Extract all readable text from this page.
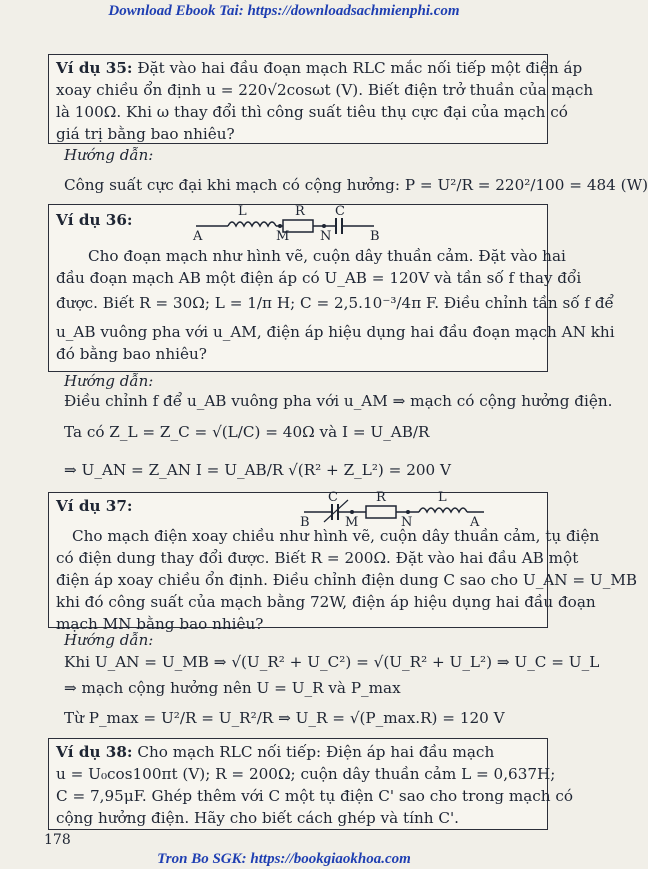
Download Ebook Tai: https://downloadsachmienphi.com
Ví dụ 35: Đặt vào hai đầu đoạn mạch RLC mắc nối tiếp một điện áp
xoay chiều ổn định u = 220√2cosωt (V). Biết điện trở thuần của mạch
là 100Ω. Khi ω thay đổi thì công suất tiêu thụ cực đại của mạch có
giá trị bằng bao nhiêu?
Hướng dẫn:
Công suất cực đại khi mạch có cộng hưởng: P = U²/R = 220²/100 = 484 (W)
Ví dụ 36:	L	R C
A	M N	B
Cho đoạn mạch như hình vẽ, cuộn dây thuần cảm. Đặt vào hai
đầu đoạn mạch AB một điện áp có U_AB = 120V và tần số f thay đổi
được. Biết R = 30Ω; L = 1/π H; C = 2,5.10⁻³/4π F. Điều chỉnh tần số f để
u_AB vuông pha với u_AM, điện áp hiệu dụng hai đầu đoạn mạch AN khi
đó bằng bao nhiêu?
Hướng dẫn:
Điều chỉnh f để u_AB vuông pha với u_AM ⇒ mạch có cộng hưởng điện.
Ta có Z_L = Z_C = √(L/C) = 40Ω và I = U_AB/R
⇒ U_AN = Z_AN I = U_AB/R √(R² + Z_L²) = 200 V
Ví dụ 37:	C	R	L
B	M	N	A
Cho mạch điện xoay chiều như hình vẽ, cuộn dây thuần cảm, tụ điện
có điện dung thay đổi được. Biết R = 200Ω. Đặt vào hai đầu AB một
điện áp xoay chiều ổn định. Điều chỉnh điện dung C sao cho U_AN = U_MB
khi đó công suất của mạch bằng 72W, điện áp hiệu dụng hai đầu đoạn
mạch MN bằng bao nhiêu?
Hướng dẫn:
Khi U_AN = U_MB ⇒ √(U_R² + U_C²) = √(U_R² + U_L²) ⇒ U_C = U_L
⇒ mạch cộng hưởng nên U = U_R và P_max
Từ P_max = U²/R = U_R²/R ⇒ U_R = √(P_max.R) = 120 V
Ví dụ 38: Cho mạch RLC nối tiếp: Điện áp hai đầu mạch
u = U₀cos100πt (V); R = 200Ω; cuộn dây thuần cảm L = 0,637H;
C = 7,95μF. Ghép thêm với C một tụ điện C' sao cho trong mạch có
cộng hưởng điện. Hãy cho biết cách ghép và tính C'.
178
Tron Bo SGK: https://bookgiaokhoa.com
